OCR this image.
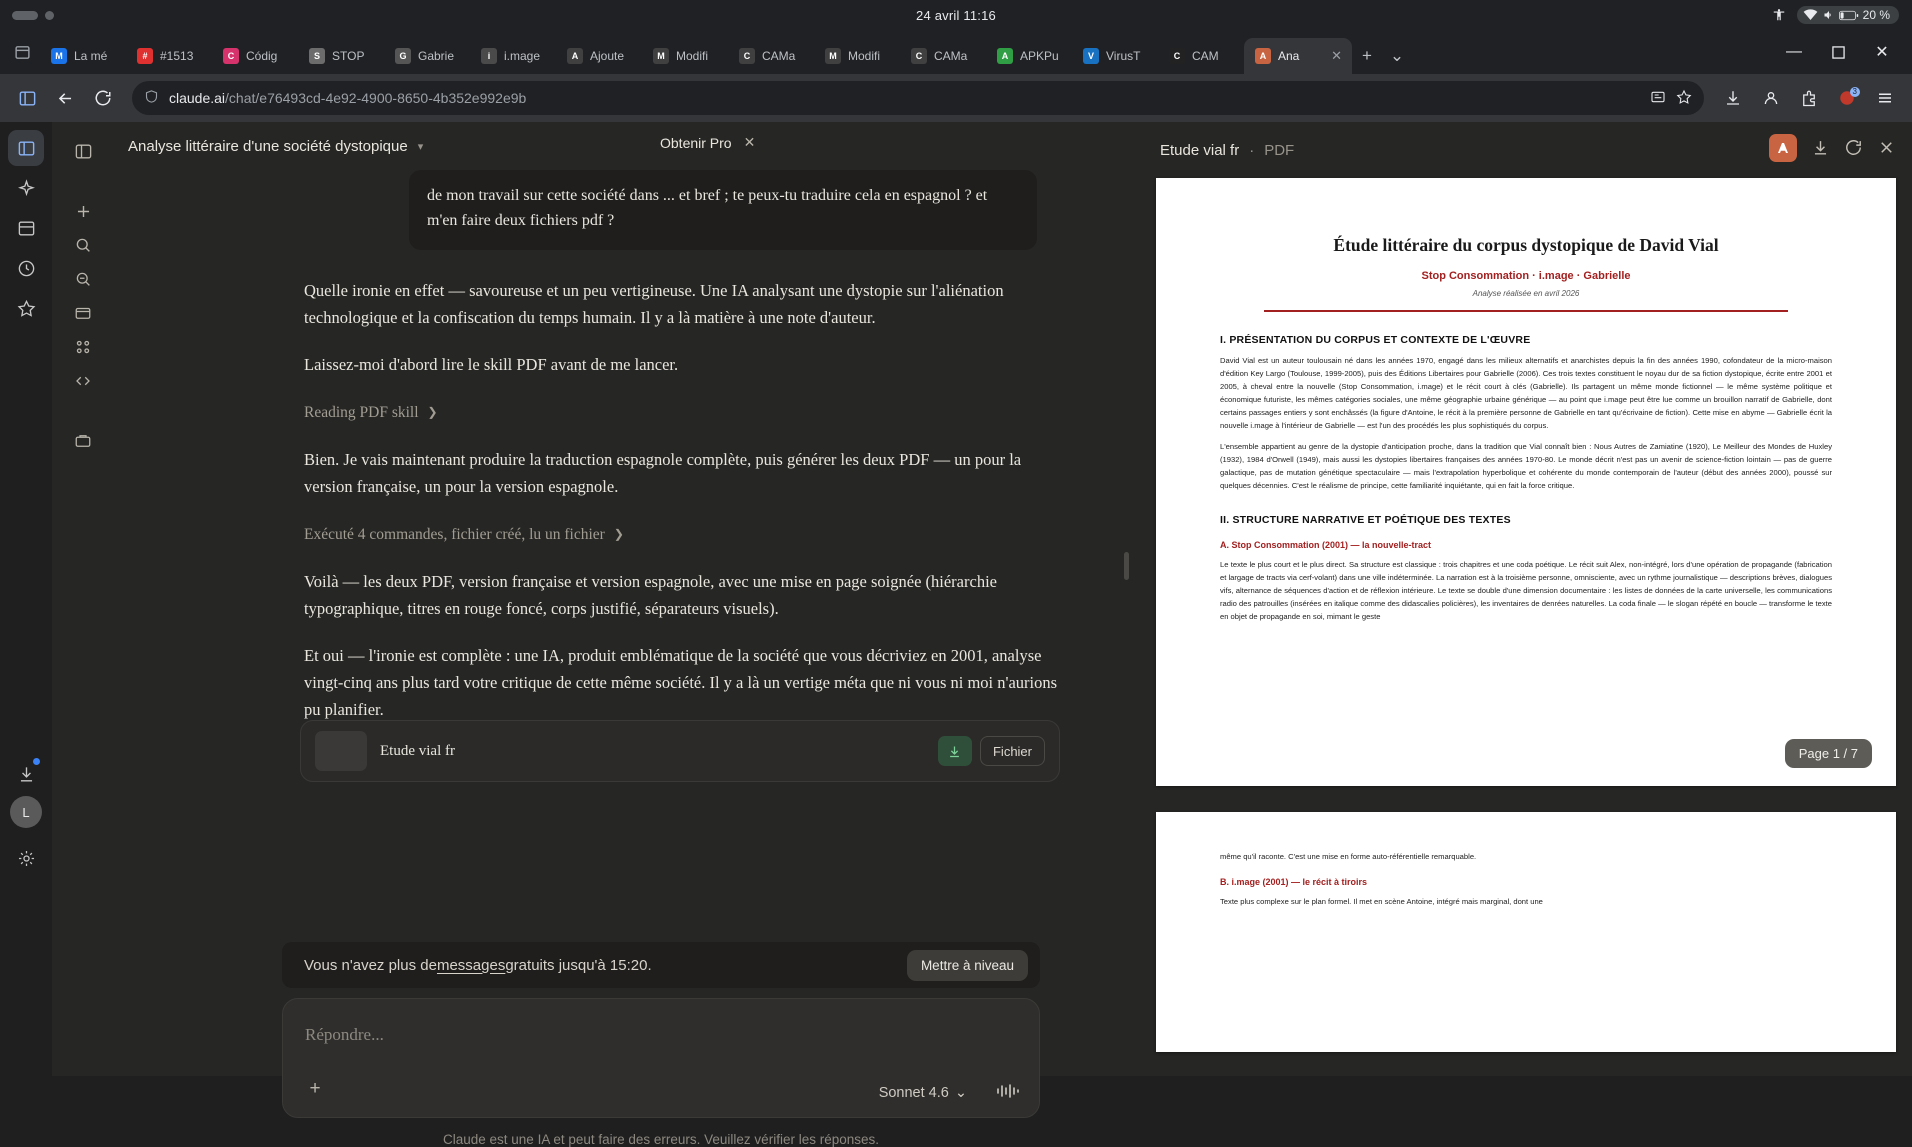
24 avril 11:16	20 %
M La mé	#	#1513	C Códig	S	STOP	G Gabrie	i	i.mage	A Ajoute	M Modifi	C CAMa	M Modifi	C CAMa	A APKPu	V	VirusT	C CAM	A Ana ✕	+	⌄	—	✕
claude.ai/chat/e76493cd-4e92-4900-8650-4b352e992e9b	3
L
Analyse littéraire d'une société dystopique ▾	Obtenir Pro ✕
de mon travail sur cette société dans ... et bref ; te peux-tu traduire cela en espagnol ? et m'en faire deux fichiers pdf ?

Quelle ironie en effet — savoureuse et un peu vertigineuse. Une IA analysant une dystopie sur l'aliénation technologique et la confiscation du temps humain. Il y a là matière à une note d'auteur.

Laissez-moi d'abord lire le skill PDF avant de me lancer.

Reading PDF skill ❯

Bien. Je vais maintenant produire la traduction espagnole complète, puis générer les deux PDF — un pour la version française, un pour la version espagnole.

Exécuté 4 commandes, fichier créé, lu un fichier ❯

Voilà — les deux PDF, version française et version espagnole, avec une mise en page soignée (hiérarchie typographique, titres en rouge foncé, corps justifié, séparateurs visuels).

Et oui — l'ironie est complète : une IA, produit emblématique de la société que vous décriviez en 2001, analyse vingt-cinq ans plus tard votre critique de cette même société. Il y a là un vertige méta que ni vous ni moi n'aurions pu planifier.

Etude vial fr	Fichier
Vous n'avez plus de messages gratuits jusqu'à 15:20.	Mettre à niveau
Répondre...
+	Sonnet 4.6 ⌄
Claude est une IA et peut faire des erreurs. Veuillez vérifier les réponses.
Etude vial fr · PDF
Étude littéraire du corpus dystopique de David Vial
Stop Consommation · i.mage · Gabrielle
Analyse réalisée en avril 2026
I. PRÉSENTATION DU CORPUS ET CONTEXTE DE L'ŒUVRE
David Vial est un auteur toulousain né dans les années 1970, engagé dans les milieux alternatifs et anarchistes depuis la fin des années 1990, cofondateur de la micro-maison d'édition Key Largo (Toulouse, 1999-2005), puis des Éditions Libertaires pour Gabrielle (2006). Ces trois textes constituent le noyau dur de sa fiction dystopique, écrite entre 2001 et 2005, à cheval entre la nouvelle (Stop Consommation, i.mage) et le récit court à clés (Gabrielle). Ils partagent un même monde fictionnel — le même système politique et économique futuriste, les mêmes catégories sociales, une même géographie urbaine générique — au point que i.mage peut être lue comme un brouillon narratif de Gabrielle, dont certains passages entiers y sont enchâssés (la figure d'Antoine, le récit à la première personne de Gabrielle en tant qu'écrivaine de fiction). Cette mise en abyme — Gabrielle écrit la nouvelle i.mage à l'intérieur de Gabrielle — est l'un des procédés les plus sophistiqués du corpus.
L'ensemble appartient au genre de la dystopie d'anticipation proche, dans la tradition que Vial connaît bien : Nous Autres de Zamiatine (1920), Le Meilleur des Mondes de Huxley (1932), 1984 d'Orwell (1949), mais aussi les dystopies libertaires françaises des années 1970-80. Le monde décrit n'est pas un avenir de science-fiction lointain — pas de guerre galactique, pas de mutation génétique spectaculaire — mais l'extrapolation hyperbolique et cohérente du monde contemporain de l'auteur (début des années 2000), poussé sur quelques décennies. C'est le réalisme de principe, cette familiarité inquiétante, qui en fait la force critique.
II. STRUCTURE NARRATIVE ET POÉTIQUE DES TEXTES
A. Stop Consommation (2001) — la nouvelle-tract
Le texte le plus court et le plus direct. Sa structure est classique : trois chapitres et une coda poétique. Le récit suit Alex, non-intégré, lors d'une opération de propagande (fabrication et largage de tracts via cerf-volant) dans une ville indéterminée. La narration est à la troisième personne, omnisciente, avec un rythme journalistique — descriptions brèves, dialogues vifs, alternance de séquences d'action et de réflexion intérieure. Le texte se double d'une dimension documentaire : les listes de données de la carte universelle, les communications radio des patrouilles (insérées en italique comme des didascalies policières), les inventaires de denrées naturelles. La coda finale — le slogan répété en boucle — transforme le texte en objet de propagande en soi, mimant le geste
Page 1 / 7
même qu'il raconte. C'est une mise en forme auto-référentielle remarquable.
B. i.mage (2001) — le récit à tiroirs
Texte plus complexe sur le plan formel. Il met en scène Antoine, intégré mais marginal, dont une
